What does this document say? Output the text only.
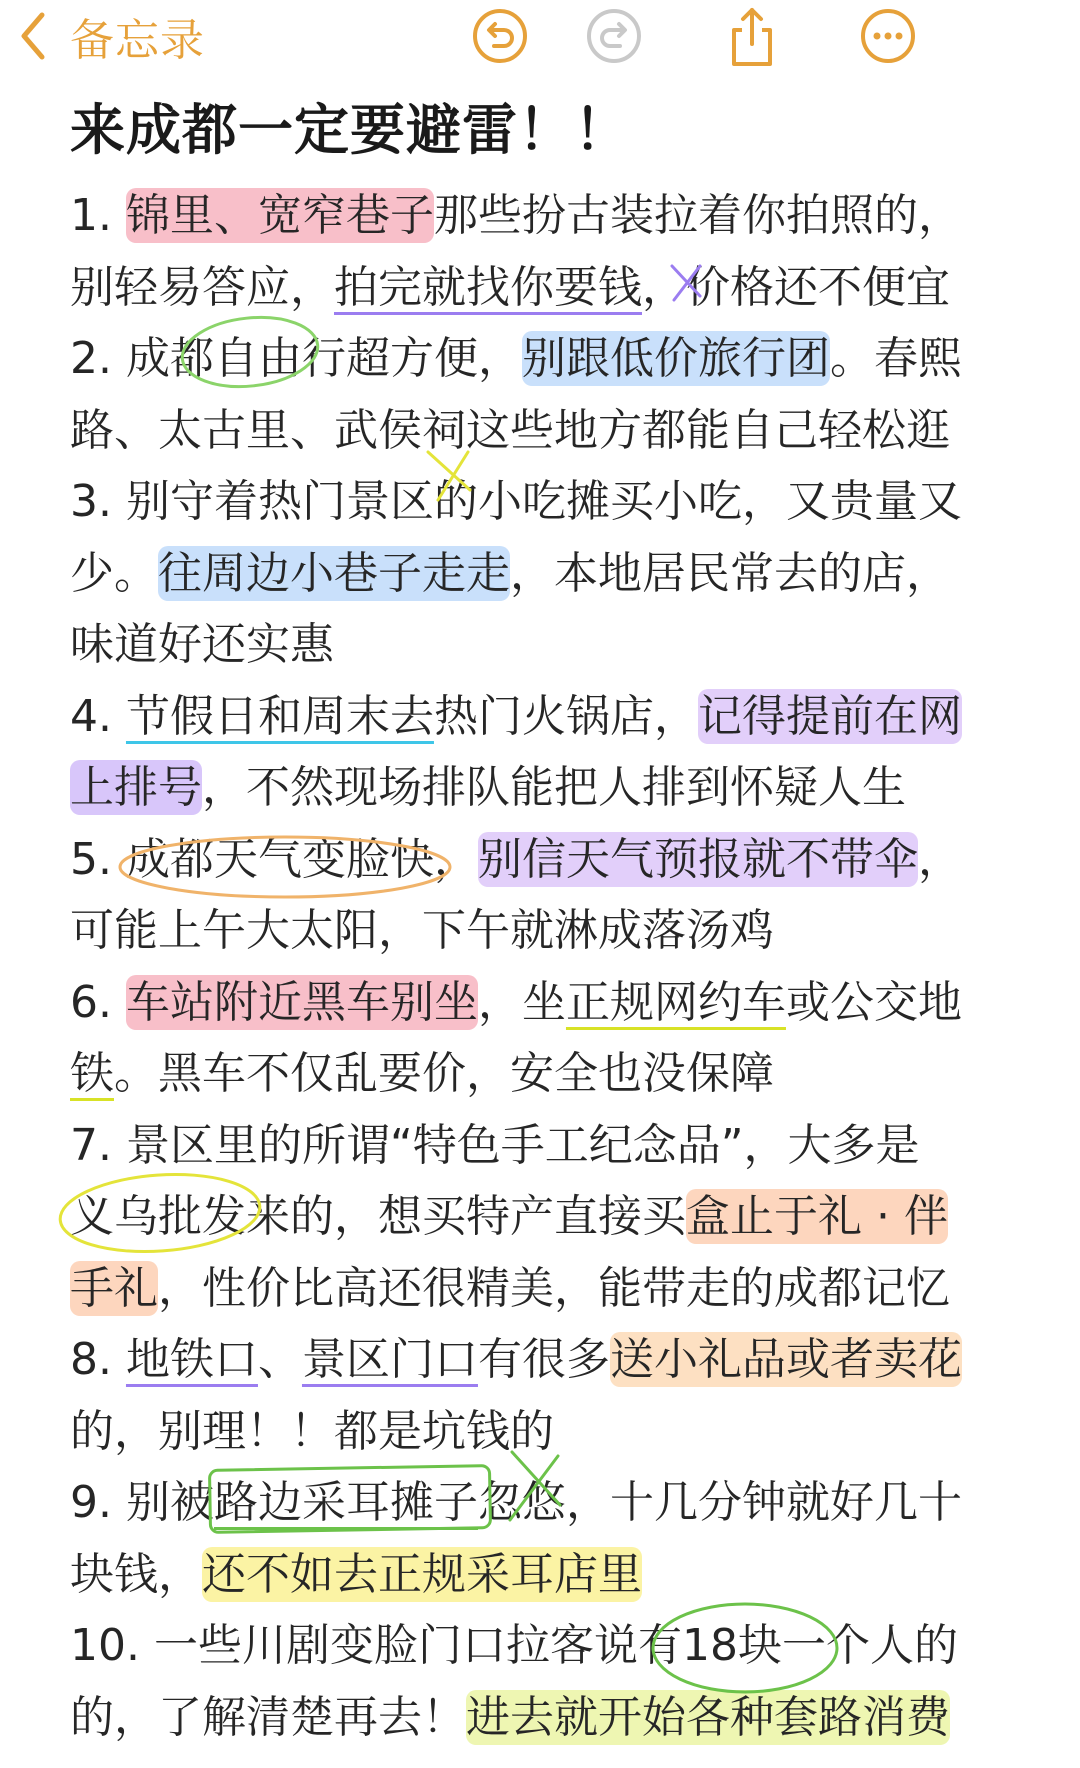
备忘录
来成都一定要避雷！！
1. 锦里、宽窄巷子那些扮古装拉着你拍照的，
别轻易答应，拍完就找你要钱，价格还不便宜
2. 成都自由行超方便，别跟低价旅行团。春熙
路、太古里、武侯祠这些地方都能自己轻松逛
3. 别守着热门景区的小吃摊买小吃，又贵量又
少。往周边小巷子走走，本地居民常去的店，
味道好还实惠
4. 节假日和周末去热门火锅店，记得提前在网
上排号，不然现场排队能把人排到怀疑人生
5. 成都天气变脸快，别信天气预报就不带伞，
可能上午大太阳，下午就淋成落汤鸡
6. 车站附近黑车别坐，坐正规网约车或公交地
铁。黑车不仅乱要价，安全也没保障
7. 景区里的所谓“特色手工纪念品”，大多是
义乌批发来的，想买特产直接买盒止于礼 · 伴
手礼，性价比高还很精美，能带走的成都记忆
8. 地铁口、景区门口有很多送小礼品或者卖花
的，别理！！都是坑钱的
9. 别被路边采耳摊子忽悠，十几分钟就好几十
块钱，还不如去正规采耳店里
10. 一些川剧变脸门口拉客说有18块一个人的
的，了解清楚再去！进去就开始各种套路消费
